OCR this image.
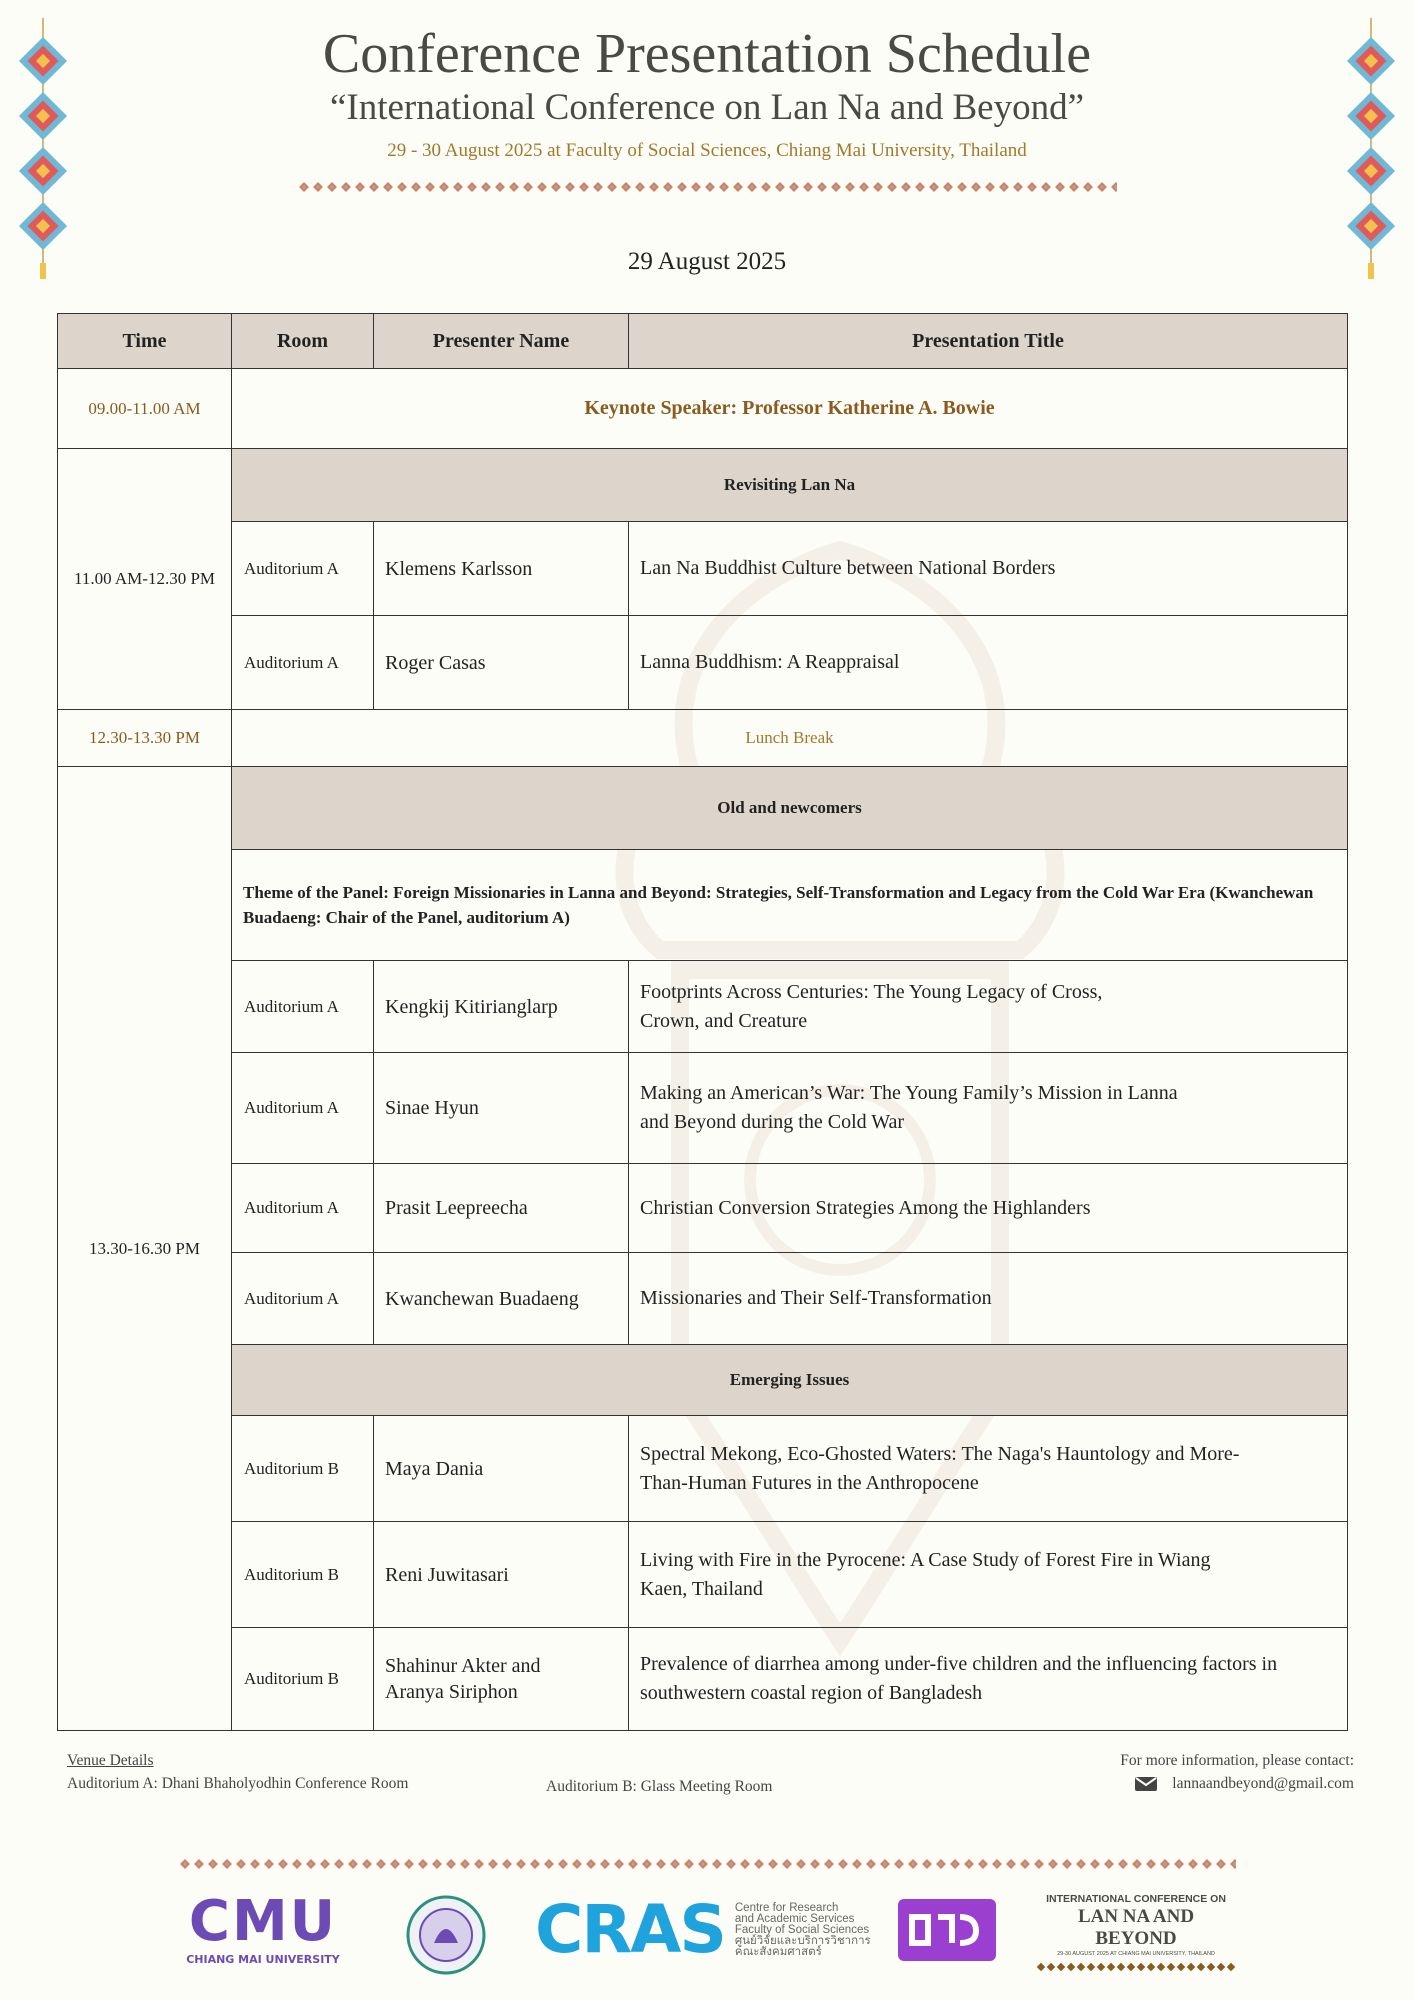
Conference Presentation Schedule
“International Conference on Lan Na and Beyond”
29 - 30 August 2025 at Faculty of Social Sciences, Chiang Mai University, Thailand
29 August 2025
Time	Room	Presenter Name	Presentation Title
09.00-11.00 AM	Keynote Speaker: Professor Katherine A. Bowie		
11.00 AM-12.30 PM	Revisiting Lan Na		
	Auditorium A	Klemens Karlsson	Lan Na Buddhist Culture between National Borders
	Auditorium A	Roger Casas	Lanna Buddhism: A Reappraisal
12.30-13.30 PM	Lunch Break		
13.30-16.30 PM	Old and newcomers		
	Theme of the Panel: Foreign Missionaries in Lanna and Beyond: Strategies, Self-Transformation and Legacy from the Cold War Era (Kwanchewan Buadaeng: Chair of the Panel, auditorium A)		
	Auditorium A	Kengkij Kitirianglarp	Footprints Across Centuries: The Young Legacy of Cross, Crown, and Creature
	Auditorium A	Sinae Hyun	Making an American’s War: The Young Family’s Mission in Lanna and Beyond during the Cold War
	Auditorium A	Prasit Leepreecha	Christian Conversion Strategies Among the Highlanders
	Auditorium A	Kwanchewan Buadaeng	Missionaries and Their Self-Transformation
	Emerging Issues		
	Auditorium B	Maya Dania	Spectral Mekong, Eco-Ghosted Waters: The Naga's Hauntology and More-Than-Human Futures in the Anthropocene
	Auditorium B	Reni Juwitasari	Living with Fire in the Pyrocene: A Case Study of Forest Fire in Wiang Kaen, Thailand
	Auditorium B	Shahinur Akter and Aranya Siriphon	Prevalence of diarrhea among under-five children and the influencing factors in southwestern coastal region of Bangladesh
Venue Details
Auditorium A: Dhani Bhaholyodhin Conference Room	Auditorium B: Glass Meeting Room
For more information, please contact:
lannaandbeyond@gmail.com
CMU
CHIANG MAI UNIVERSITY	CRAS Centre for Research
and Academic Services
Faculty of Social Sciences
ศูนย์วิจัยและบริการวิชาการ
คณะสังคมศาสตร์
INTERNATIONAL CONFERENCE ON
LAN NA AND BEYOND
29-30 AUGUST 2025 AT CHIANG MAI UNIVERSITY, THAILAND
